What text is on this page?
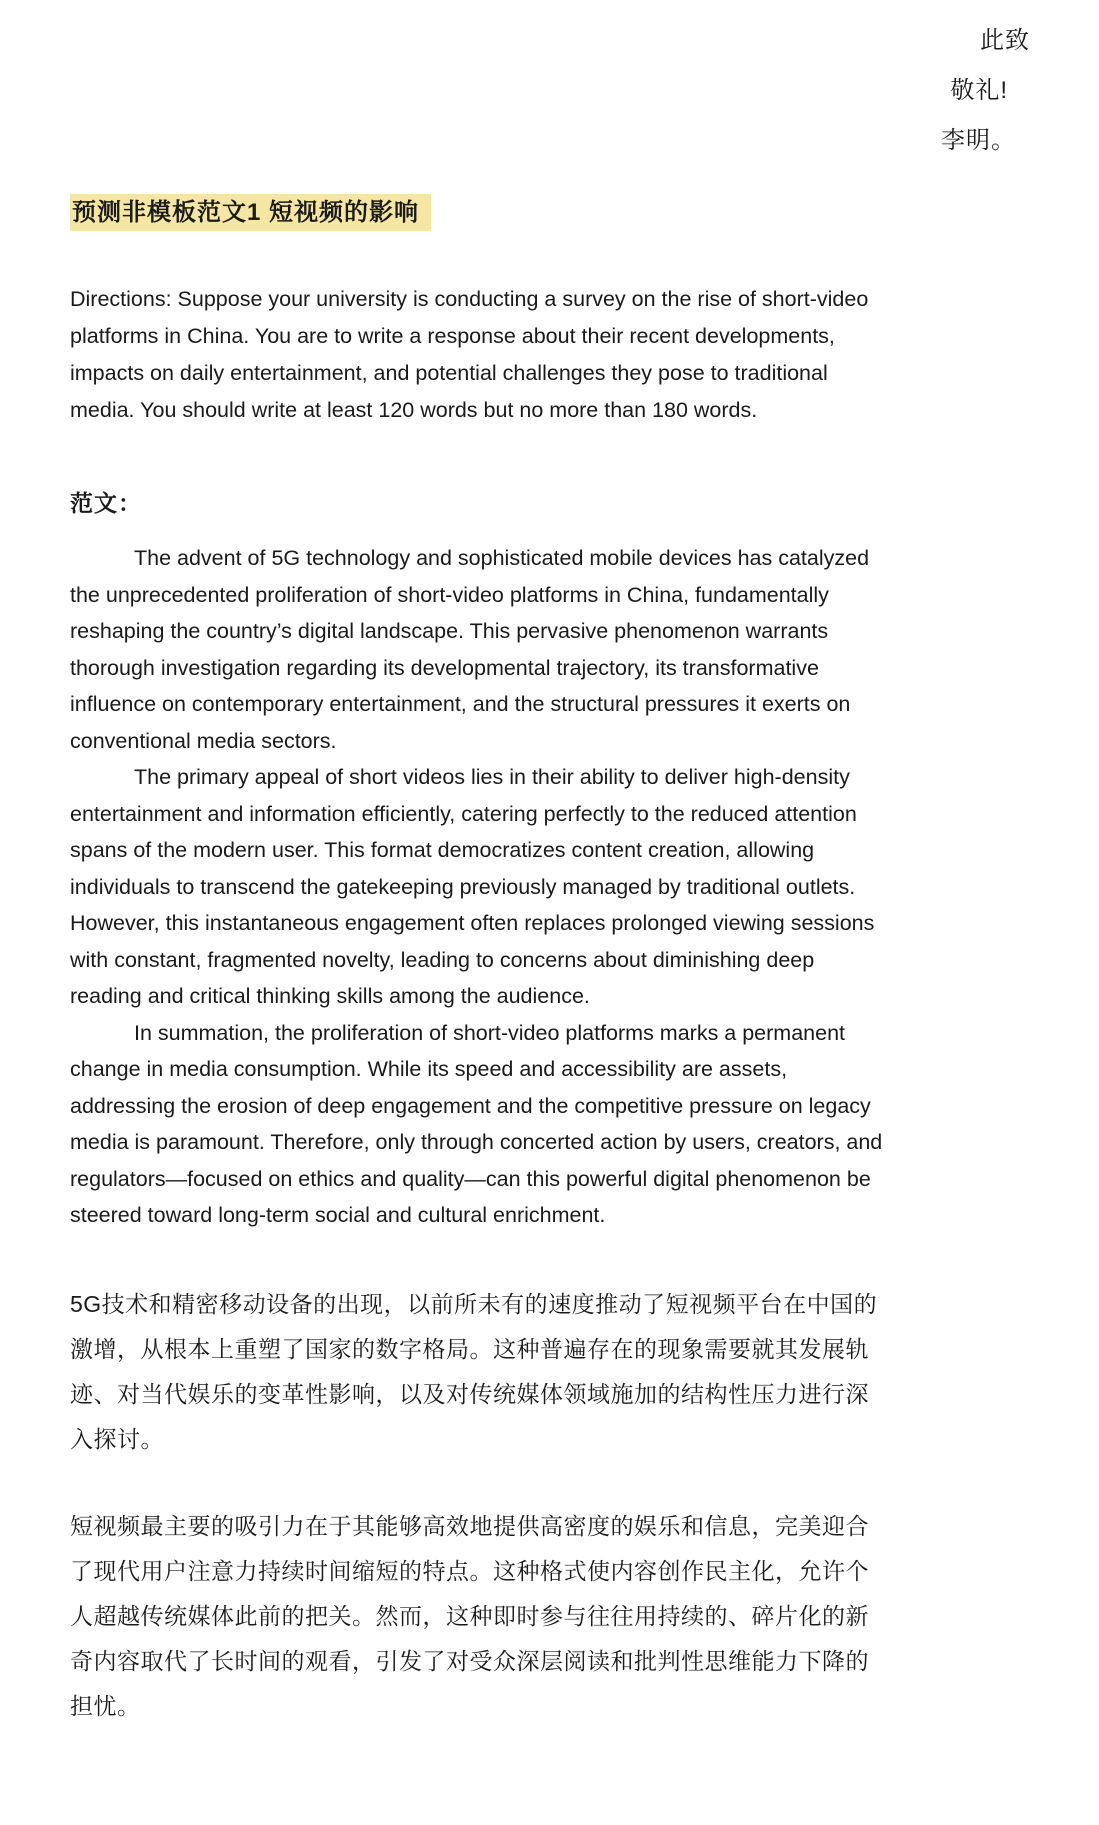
此致
敬礼!
李明。
预测非模板范文1 短视频的影响

Directions: Suppose your university is conducting a survey on the rise of short-video platforms in China. You are to write a response about their recent developments, impacts on daily entertainment, and potential challenges they pose to traditional media. You should write at least 120 words but no more than 180 words.

范文：

The advent of 5G technology and sophisticated mobile devices has catalyzed the unprecedented proliferation of short-video platforms in China, fundamentally reshaping the country’s digital landscape. This pervasive phenomenon warrants thorough investigation regarding its developmental trajectory, its transformative influence on contemporary entertainment, and the structural pressures it exerts on conventional media sectors.

The primary appeal of short videos lies in their ability to deliver high-density entertainment and information efficiently, catering perfectly to the reduced attention spans of the modern user. This format democratizes content creation, allowing individuals to transcend the gatekeeping previously managed by traditional outlets. However, this instantaneous engagement often replaces prolonged viewing sessions with constant, fragmented novelty, leading to concerns about diminishing deep reading and critical thinking skills among the audience.

In summation, the proliferation of short-video platforms marks a permanent change in media consumption. While its speed and accessibility are assets, addressing the erosion of deep engagement and the competitive pressure on legacy media is paramount. Therefore, only through concerted action by users, creators, and regulators—focused on ethics and quality—can this powerful digital phenomenon be steered toward long-term social and cultural enrichment.

5G技术和精密移动设备的出现，以前所未有的速度推动了短视频平台在中国的激增，从根本上重塑了国家的数字格局。这种普遍存在的现象需要就其发展轨迹、对当代娱乐的变革性影响，以及对传统媒体领域施加的结构性压力进行深入探讨。

短视频最主要的吸引力在于其能够高效地提供高密度的娱乐和信息，完美迎合了现代用户注意力持续时间缩短的特点。这种格式使内容创作民主化，允许个人超越传统媒体此前的把关。然而，这种即时参与往往用持续的、碎片化的新奇内容取代了长时间的观看，引发了对受众深层阅读和批判性思维能力下降的担忧。
